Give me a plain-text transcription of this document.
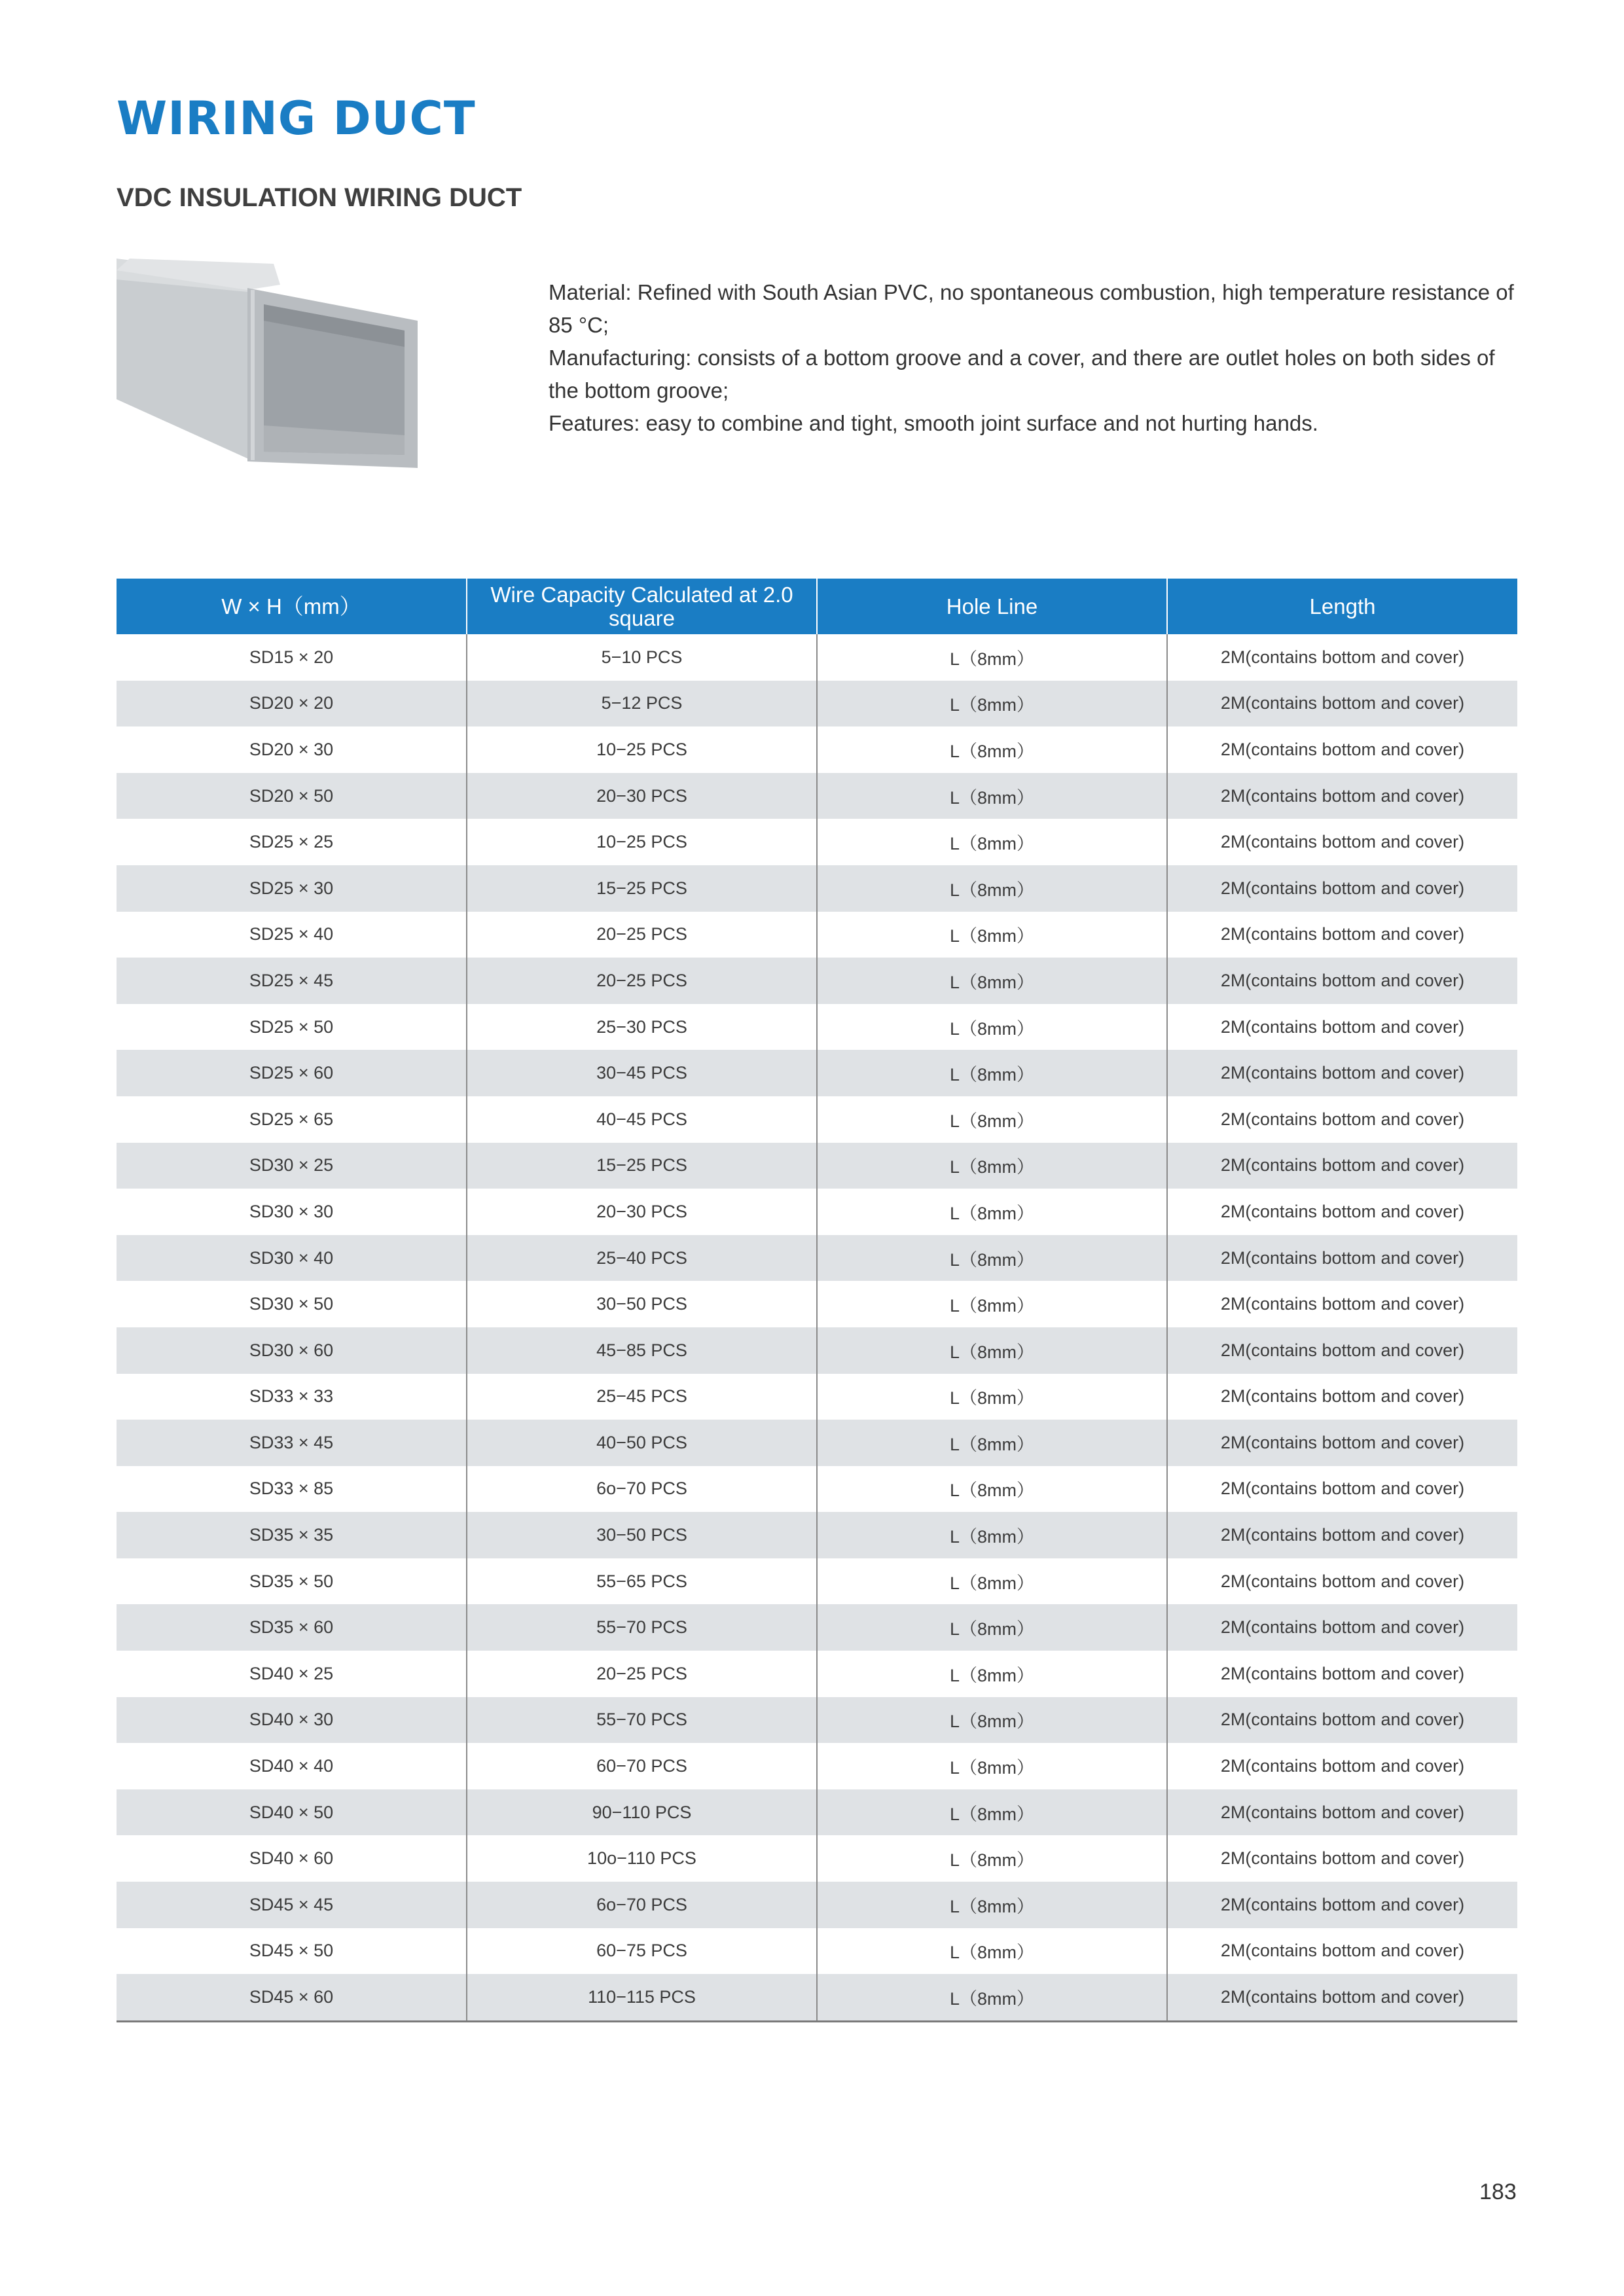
WIRING DUCT
VDC INSULATION WIRING DUCT

Material: Refined with South Asian PVC, no spontaneous combustion, high temperature resistance of 85 °C;

Manufacturing: consists of a bottom groove and a cover, and there are outlet holes on both sides of the bottom groove;

Features: easy to combine and tight, smooth joint surface and not hurting hands.

W × H（mm）	Wire Capacity Calculated at 2.0 square	Hole Line	Length
SD15 × 20	5−10 PCS	L（8mm）	2M(contains bottom and cover)
SD20 × 20	5−12 PCS	L（8mm）	2M(contains bottom and cover)
SD20 × 30	10−25 PCS	L（8mm）	2M(contains bottom and cover)
SD20 × 50	20−30 PCS	L（8mm）	2M(contains bottom and cover)
SD25 × 25	10−25 PCS	L（8mm）	2M(contains bottom and cover)
SD25 × 30	15−25 PCS	L（8mm）	2M(contains bottom and cover)
SD25 × 40	20−25 PCS	L（8mm）	2M(contains bottom and cover)
SD25 × 45	20−25 PCS	L（8mm）	2M(contains bottom and cover)
SD25 × 50	25−30 PCS	L（8mm）	2M(contains bottom and cover)
SD25 × 60	30−45 PCS	L（8mm）	2M(contains bottom and cover)
SD25 × 65	40−45 PCS	L（8mm）	2M(contains bottom and cover)
SD30 × 25	15−25 PCS	L（8mm）	2M(contains bottom and cover)
SD30 × 30	20−30 PCS	L（8mm）	2M(contains bottom and cover)
SD30 × 40	25−40 PCS	L（8mm）	2M(contains bottom and cover)
SD30 × 50	30−50 PCS	L（8mm）	2M(contains bottom and cover)
SD30 × 60	45−85 PCS	L（8mm）	2M(contains bottom and cover)
SD33 × 33	25−45 PCS	L（8mm）	2M(contains bottom and cover)
SD33 × 45	40−50 PCS	L（8mm）	2M(contains bottom and cover)
SD33 × 85	6o−70 PCS	L（8mm）	2M(contains bottom and cover)
SD35 × 35	30−50 PCS	L（8mm）	2M(contains bottom and cover)
SD35 × 50	55−65 PCS	L（8mm）	2M(contains bottom and cover)
SD35 × 60	55−70 PCS	L（8mm）	2M(contains bottom and cover)
SD40 × 25	20−25 PCS	L（8mm）	2M(contains bottom and cover)
SD40 × 30	55−70 PCS	L（8mm）	2M(contains bottom and cover)
SD40 × 40	60−70 PCS	L（8mm）	2M(contains bottom and cover)
SD40 × 50	90−110 PCS	L（8mm）	2M(contains bottom and cover)
SD40 × 60	10o−110 PCS	L（8mm）	2M(contains bottom and cover)
SD45 × 45	6o−70 PCS	L（8mm）	2M(contains bottom and cover)
SD45 × 50	60−75 PCS	L（8mm）	2M(contains bottom and cover)
SD45 × 60	110−115 PCS	L（8mm）	2M(contains bottom and cover)
183
